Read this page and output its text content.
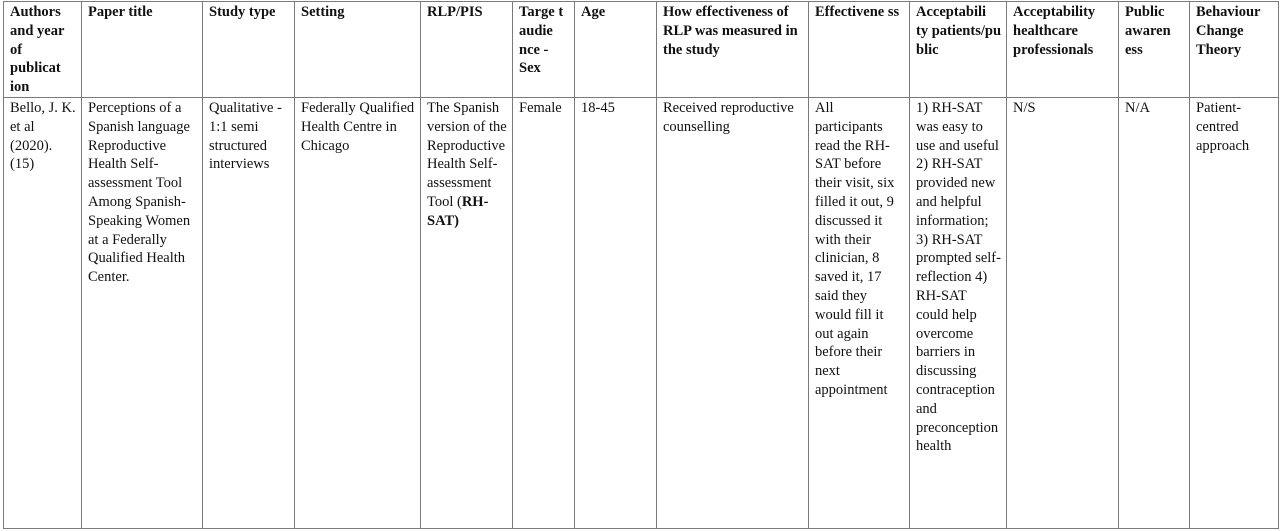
Authors and year of publicat ion	Paper title	Study type	Setting	RLP/PIS	Targe t audie nce - Sex	Age	How effectiveness of RLP was measured in the study	Effectivene ss	Acceptabili ty patients/pu blic	Acceptability healthcare professionals	Public awaren ess	Behaviour Change Theory
Bello, J. K. et al (2020). (15)	Perceptions of a Spanish language Reproductive Health Self-assessment Tool Among Spanish-Speaking Women at a Federally Qualified Health Center.	Qualitative - 1:1 semi structured interviews	Federally Qualified Health Centre in Chicago	The Spanish version of the Reproductive Health Self-assessment Tool (RH-SAT)	Female	18-45	Received reproductive counselling	All participants read the RH-SAT before their visit, six filled it out, 9 discussed it with their clinician, 8 saved it, 17 said they would fill it out again before their next appointment	1) RH-SAT was easy to use and useful 2) RH-SAT provided new and helpful information; 3) RH-SAT prompted self-reflection 4) RH-SAT could help overcome barriers in discussing contraception and preconception health	N/S	N/A	Patient-centred approach
